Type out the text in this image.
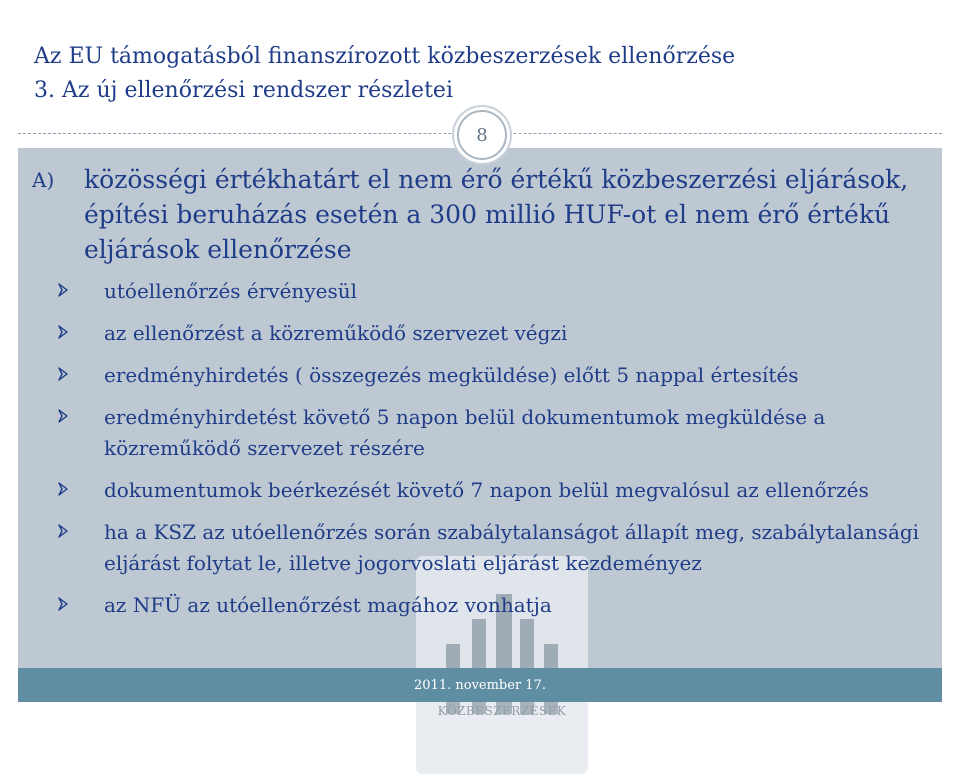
Az EU támogatásból finanszírozott közbeszerzések ellenőrzése
3. Az új ellenőrzési rendszer részletei
8
KÖZBESZERZÉSEK
A) közösségi értékhatárt el nem érő értékű közbeszerzési eljárások, építési beruházás esetén a 300 millió HUF-ot el nem érő értékű eljárások ellenőrzése
utóellenőrzés érvényesül
az ellenőrzést a közreműködő szervezet végzi
eredményhirdetés ( összegezés megküldése) előtt 5 nappal értesítés
eredményhirdetést követő 5 napon belül dokumentumok megküldése a közreműködő szervezet részére
dokumentumok beérkezését követő 7 napon belül megvalósul az ellenőrzés
ha a KSZ az utóellenőrzés során szabálytalanságot állapít meg, szabálytalansági eljárást folytat le, illetve jogorvoslati eljárást kezdeményez
az NFÜ az utóellenőrzést magához vonhatja
2011. november 17.
